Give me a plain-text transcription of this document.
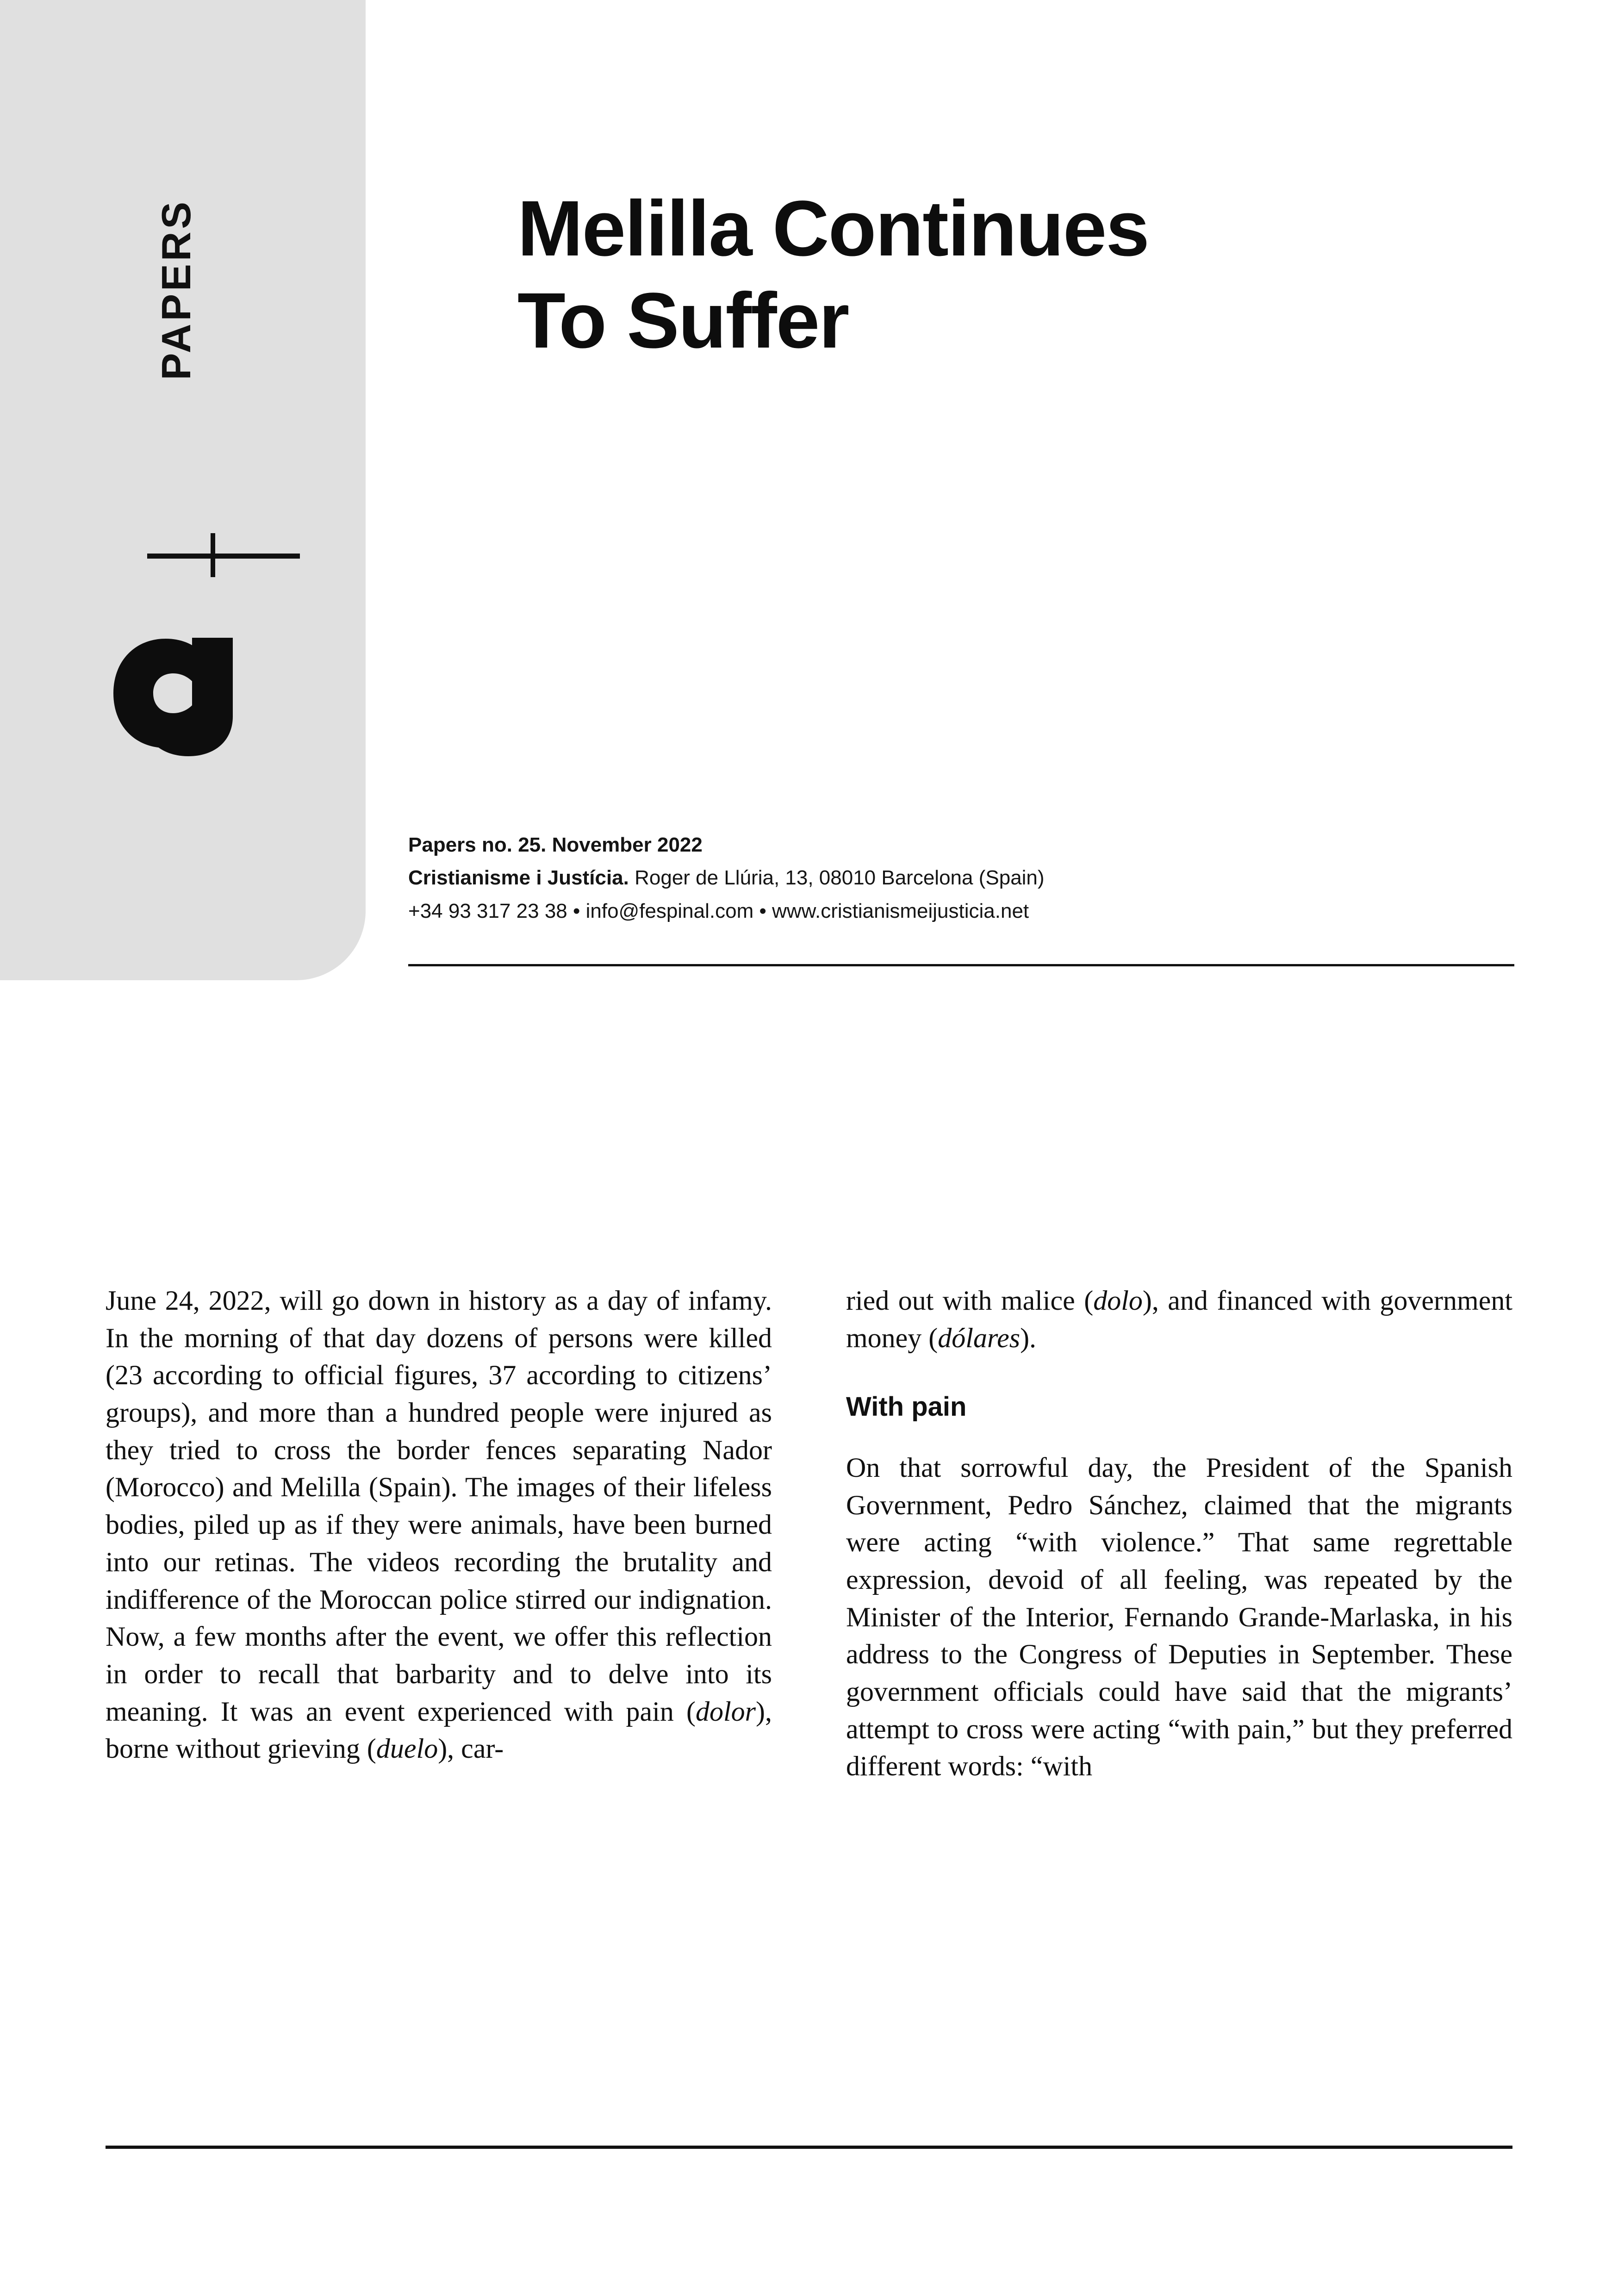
PAPERS	Melilla Continues
To Suffer
Papers no. 25. November 2022
Cristianisme i Justícia. Roger de Llúria, 13, 08010 Barcelona (Spain)
+34 93 317 23 38 • info@fespinal.com • www.cristianismeijusticia.net

June 24, 2022, will go down in history as a day of infamy. In the morning of that day dozens of persons were killed (23 according to official figures, 37 according to citizens’ groups), and more than a hundred people were injured as they tried to cross the border fences separating Nador (Morocco) and Melilla (Spain). The images of their lifeless bodies, piled up as if they were animals, have been burned into our retinas. The videos recording the brutality and indifference of the Moroccan police stirred our indignation. Now, a few months after the event, we offer this reflection in order to recall that barbarity and to delve into its meaning. It was an event experienced with pain (dolor), borne without grieving (duelo), car-

ried out with malice (dolo), and financed with government money (dólares).

With pain

On that sorrowful day, the President of the Spanish Government, Pedro Sánchez, claimed that the migrants were acting “with violence.” That same regrettable expression, devoid of all feeling, was repeated by the Minister of the Interior, Fernando Grande-Marlaska, in his address to the Congress of Deputies in September. These government officials could have said that the migrants’ attempt to cross were acting “with pain,” but they preferred different words: “with
